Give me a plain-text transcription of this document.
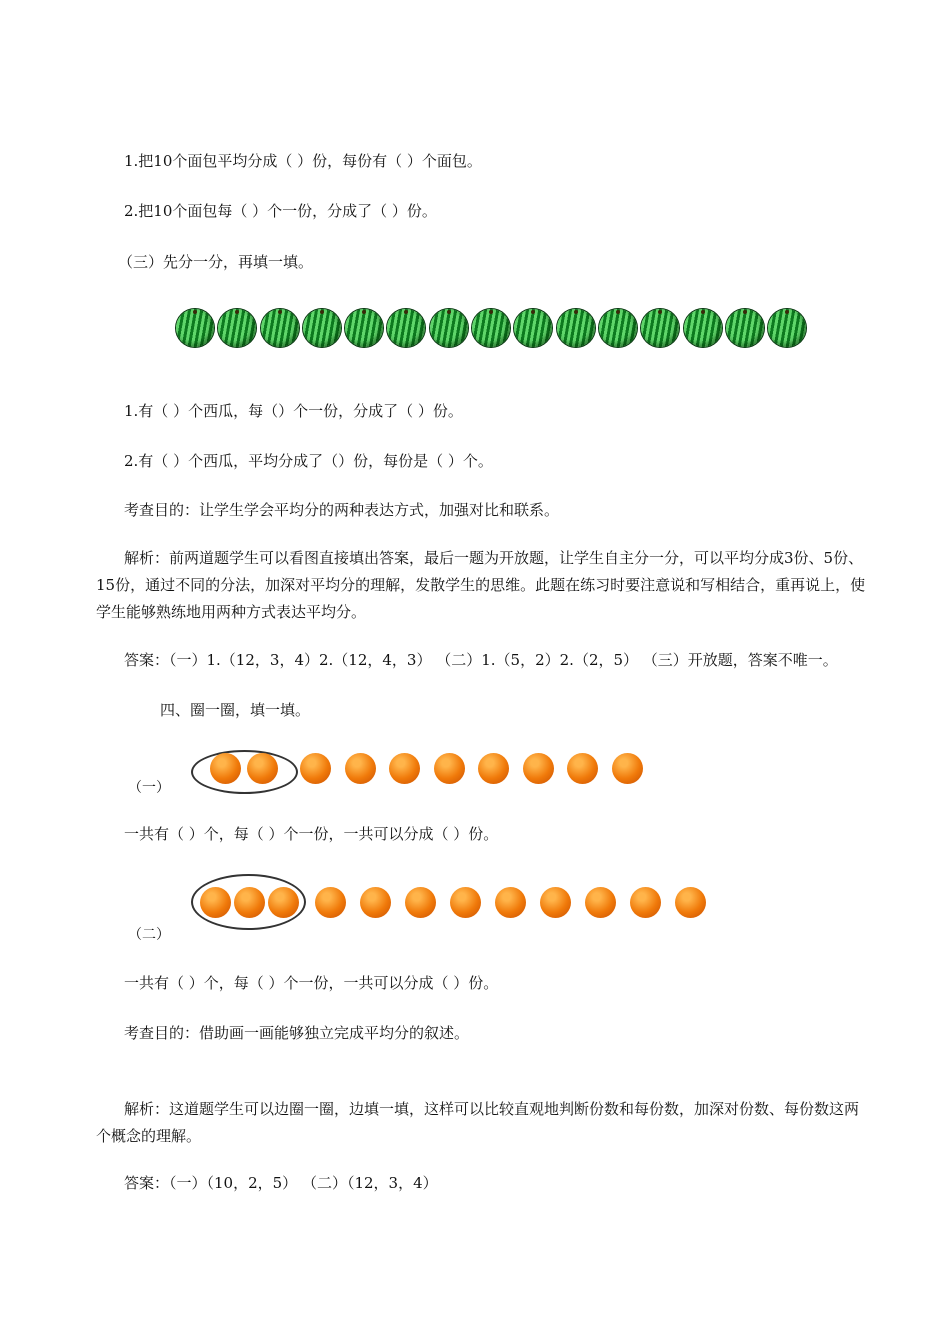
1.把10个面包平均分成（ ）份，每份有（ ）个面包。
2.把10个面包每（ ）个一份，分成了（ ）份。
（三）先分一分，再填一填。
1.有（ ）个西瓜，每（）个一份，分成了（ ）份。
2.有（ ）个西瓜，平均分成了（）份，每份是（ ）个。
考查目的：让学生学会平均分的两种表达方式，加强对比和联系。
解析：前两道题学生可以看图直接填出答案，最后一题为开放题，让学生自主分一分，可以平均分成3份、5份、15份，通过不同的分法，加深对平均分的理解，发散学生的思维。此题在练习时要注意说和写相结合，重再说上，使学生能够熟练地用两种方式表达平均分。
答案：（一）1.（12，3，4）2.（12，4，3） （二）1.（5，2）2.（2，5） （三）开放题，答案不唯一。
四、圈一圈，填一填。
（一）
一共有（ ）个，每（ ）个一份，一共可以分成（ ）份。
（二）
一共有（ ）个，每（ ）个一份，一共可以分成（ ）份。
考查目的：借助画一画能够独立完成平均分的叙述。
解析：这道题学生可以边圈一圈，边填一填，这样可以比较直观地判断份数和每份数，加深对份数、每份数这两个概念的理解。
答案：（一）（10，2，5） （二）（12，3，4）
